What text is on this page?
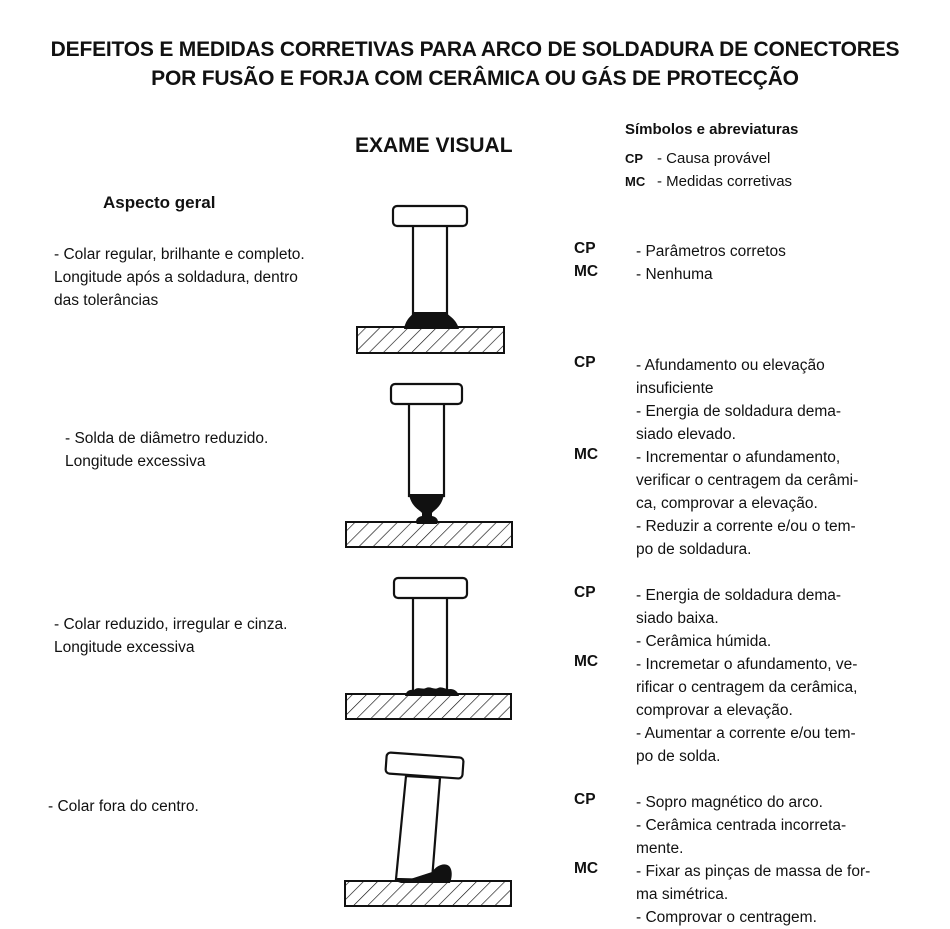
DEFEITOS E MEDIDAS CORRETIVAS PARA ARCO DE SOLDADURA DE CONECTORES
POR FUSÃO E FORJA COM CERÂMICA OU GÁS DE PROTECÇÃO
EXAME VISUAL
Aspecto geral
Símbolos e abreviaturas
CP - Causa provável
MC - Medidas corretivas
- Colar regular, brilhante e completo.
Longitude após a soldadura, dentro
das tolerâncias
CP	- Parâmetros corretos
MC - Nenhuma
- Solda de diâmetro reduzido.
Longitude excessiva
CP	- Afundamento ou elevação
insuficiente
- Energia de soldadura dema-
siado elevado.
MC - Incrementar o afundamento,
verificar o centragem da cerâmi-
ca, comprovar a elevação.
- Reduzir a corrente e/ou o tem-
po de soldadura.
- Colar reduzido, irregular e cinza.
Longitude excessiva
CP	- Energia de soldadura dema-
siado baixa.
- Cerâmica húmida.
MC - Incremetar o afundamento, ve-
rificar o centragem da cerâmica,
comprovar a elevação.
- Aumentar a corrente e/ou tem-
po de solda.
- Colar fora do centro.	CP	- Sopro magnético do arco.
- Cerâmica centrada incorreta-
mente.
MC - Fixar as pinças de massa de for-
ma simétrica.
- Comprovar o centragem.
